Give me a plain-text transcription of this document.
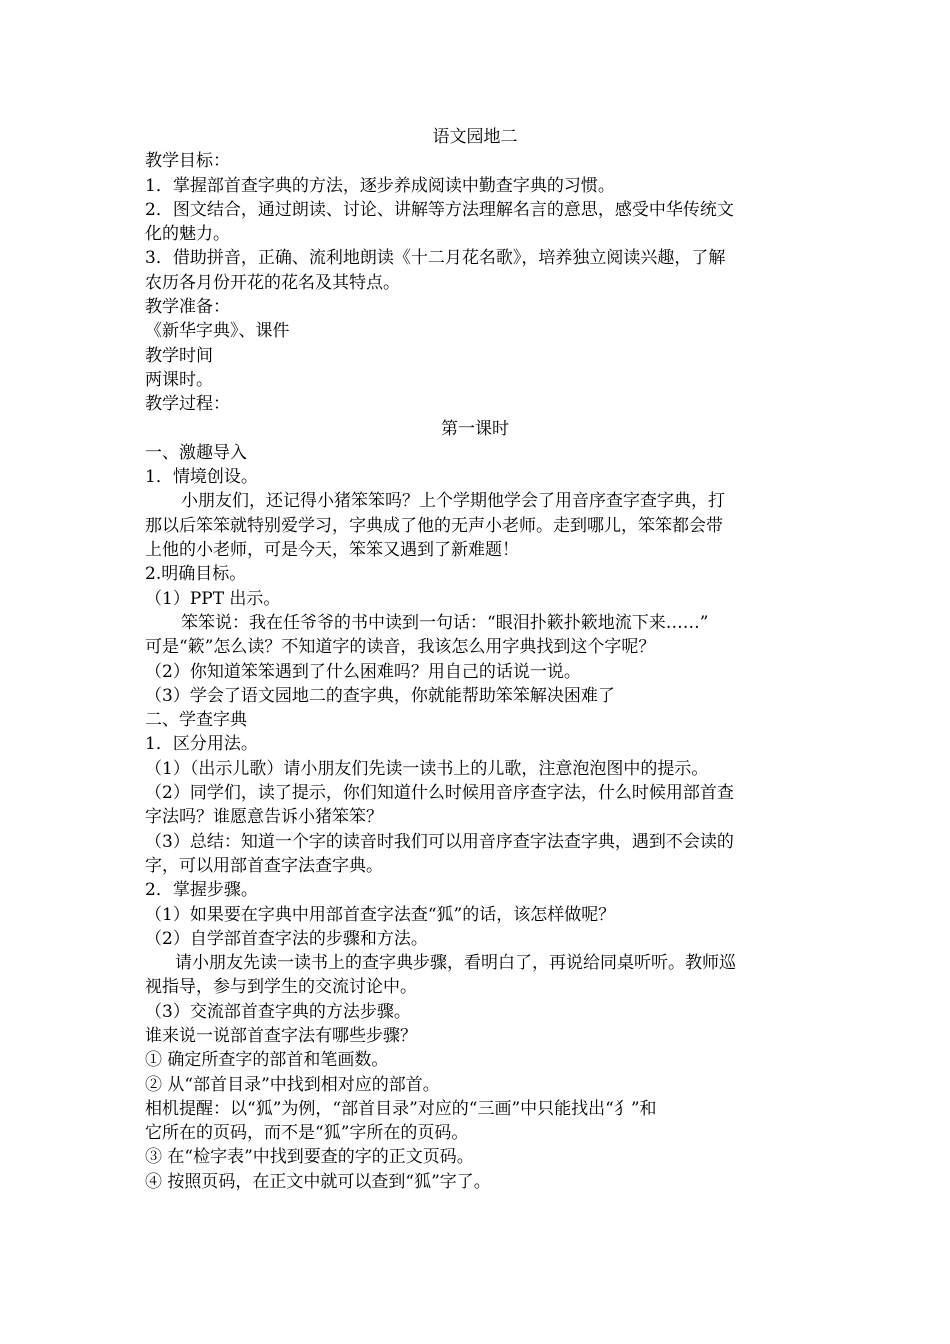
语文园地二
教学目标：
1．掌握部首查字典的方法，逐步养成阅读中勤查字典的习惯。
2．图文结合，通过朗读、讨论、讲解等方法理解名言的意思，感受中华传统文
化的魅力。
3．借助拼音，正确、流利地朗读《十二月花名歌》，培养独立阅读兴趣，了解
农历各月份开花的花名及其特点。
教学准备：
《新华字典》、课件
教学时间
两课时。
教学过程：
第一课时
一、激趣导入
1．情境创设。
小朋友们，还记得小猪笨笨吗？上个学期他学会了用音序查字查字典，打
那以后笨笨就特别爱学习，字典成了他的无声小老师。走到哪儿，笨笨都会带
上他的小老师，可是今天，笨笨又遇到了新难题！
2.明确目标。
（1）PPT 出示。
笨笨说：我在任爷爷的书中读到一句话：“眼泪扑簌扑簌地流下来……”
可是“簌”怎么读？不知道字的读音，我该怎么用字典找到这个字呢？
（2）你知道笨笨遇到了什么困难吗？用自己的话说一说。
（3）学会了语文园地二的查字典，你就能帮助笨笨解决困难了
二、学查字典
1．区分用法。
（1）（出示儿歌）请小朋友们先读一读书上的儿歌，注意泡泡图中的提示。
（2）同学们，读了提示，你们知道什么时候用音序查字法，什么时候用部首查
字法吗？谁愿意告诉小猪笨笨？
（3）总结：知道一个字的读音时我们可以用音序查字法查字典，遇到不会读的
字，可以用部首查字法查字典。
2．掌握步骤。
（1）如果要在字典中用部首查字法查“狐”的话，该怎样做呢？
（2）自学部首查字法的步骤和方法。
请小朋友先读一读书上的查字典步骤，看明白了，再说给同桌听听。教师巡
视指导，参与到学生的交流讨论中。
（3）交流部首查字典的方法步骤。
谁来说一说部首查字法有哪些步骤？
① 确定所查字的部首和笔画数。
② 从“部首目录”中找到相对应的部首。
相机提醒：以“狐”为例，“部首目录”对应的“三画”中只能找出“犭”和
它所在的页码，而不是“狐”字所在的页码。
③ 在“检字表”中找到要查的字的正文页码。
④ 按照页码，在正文中就可以查到“狐”字了。
